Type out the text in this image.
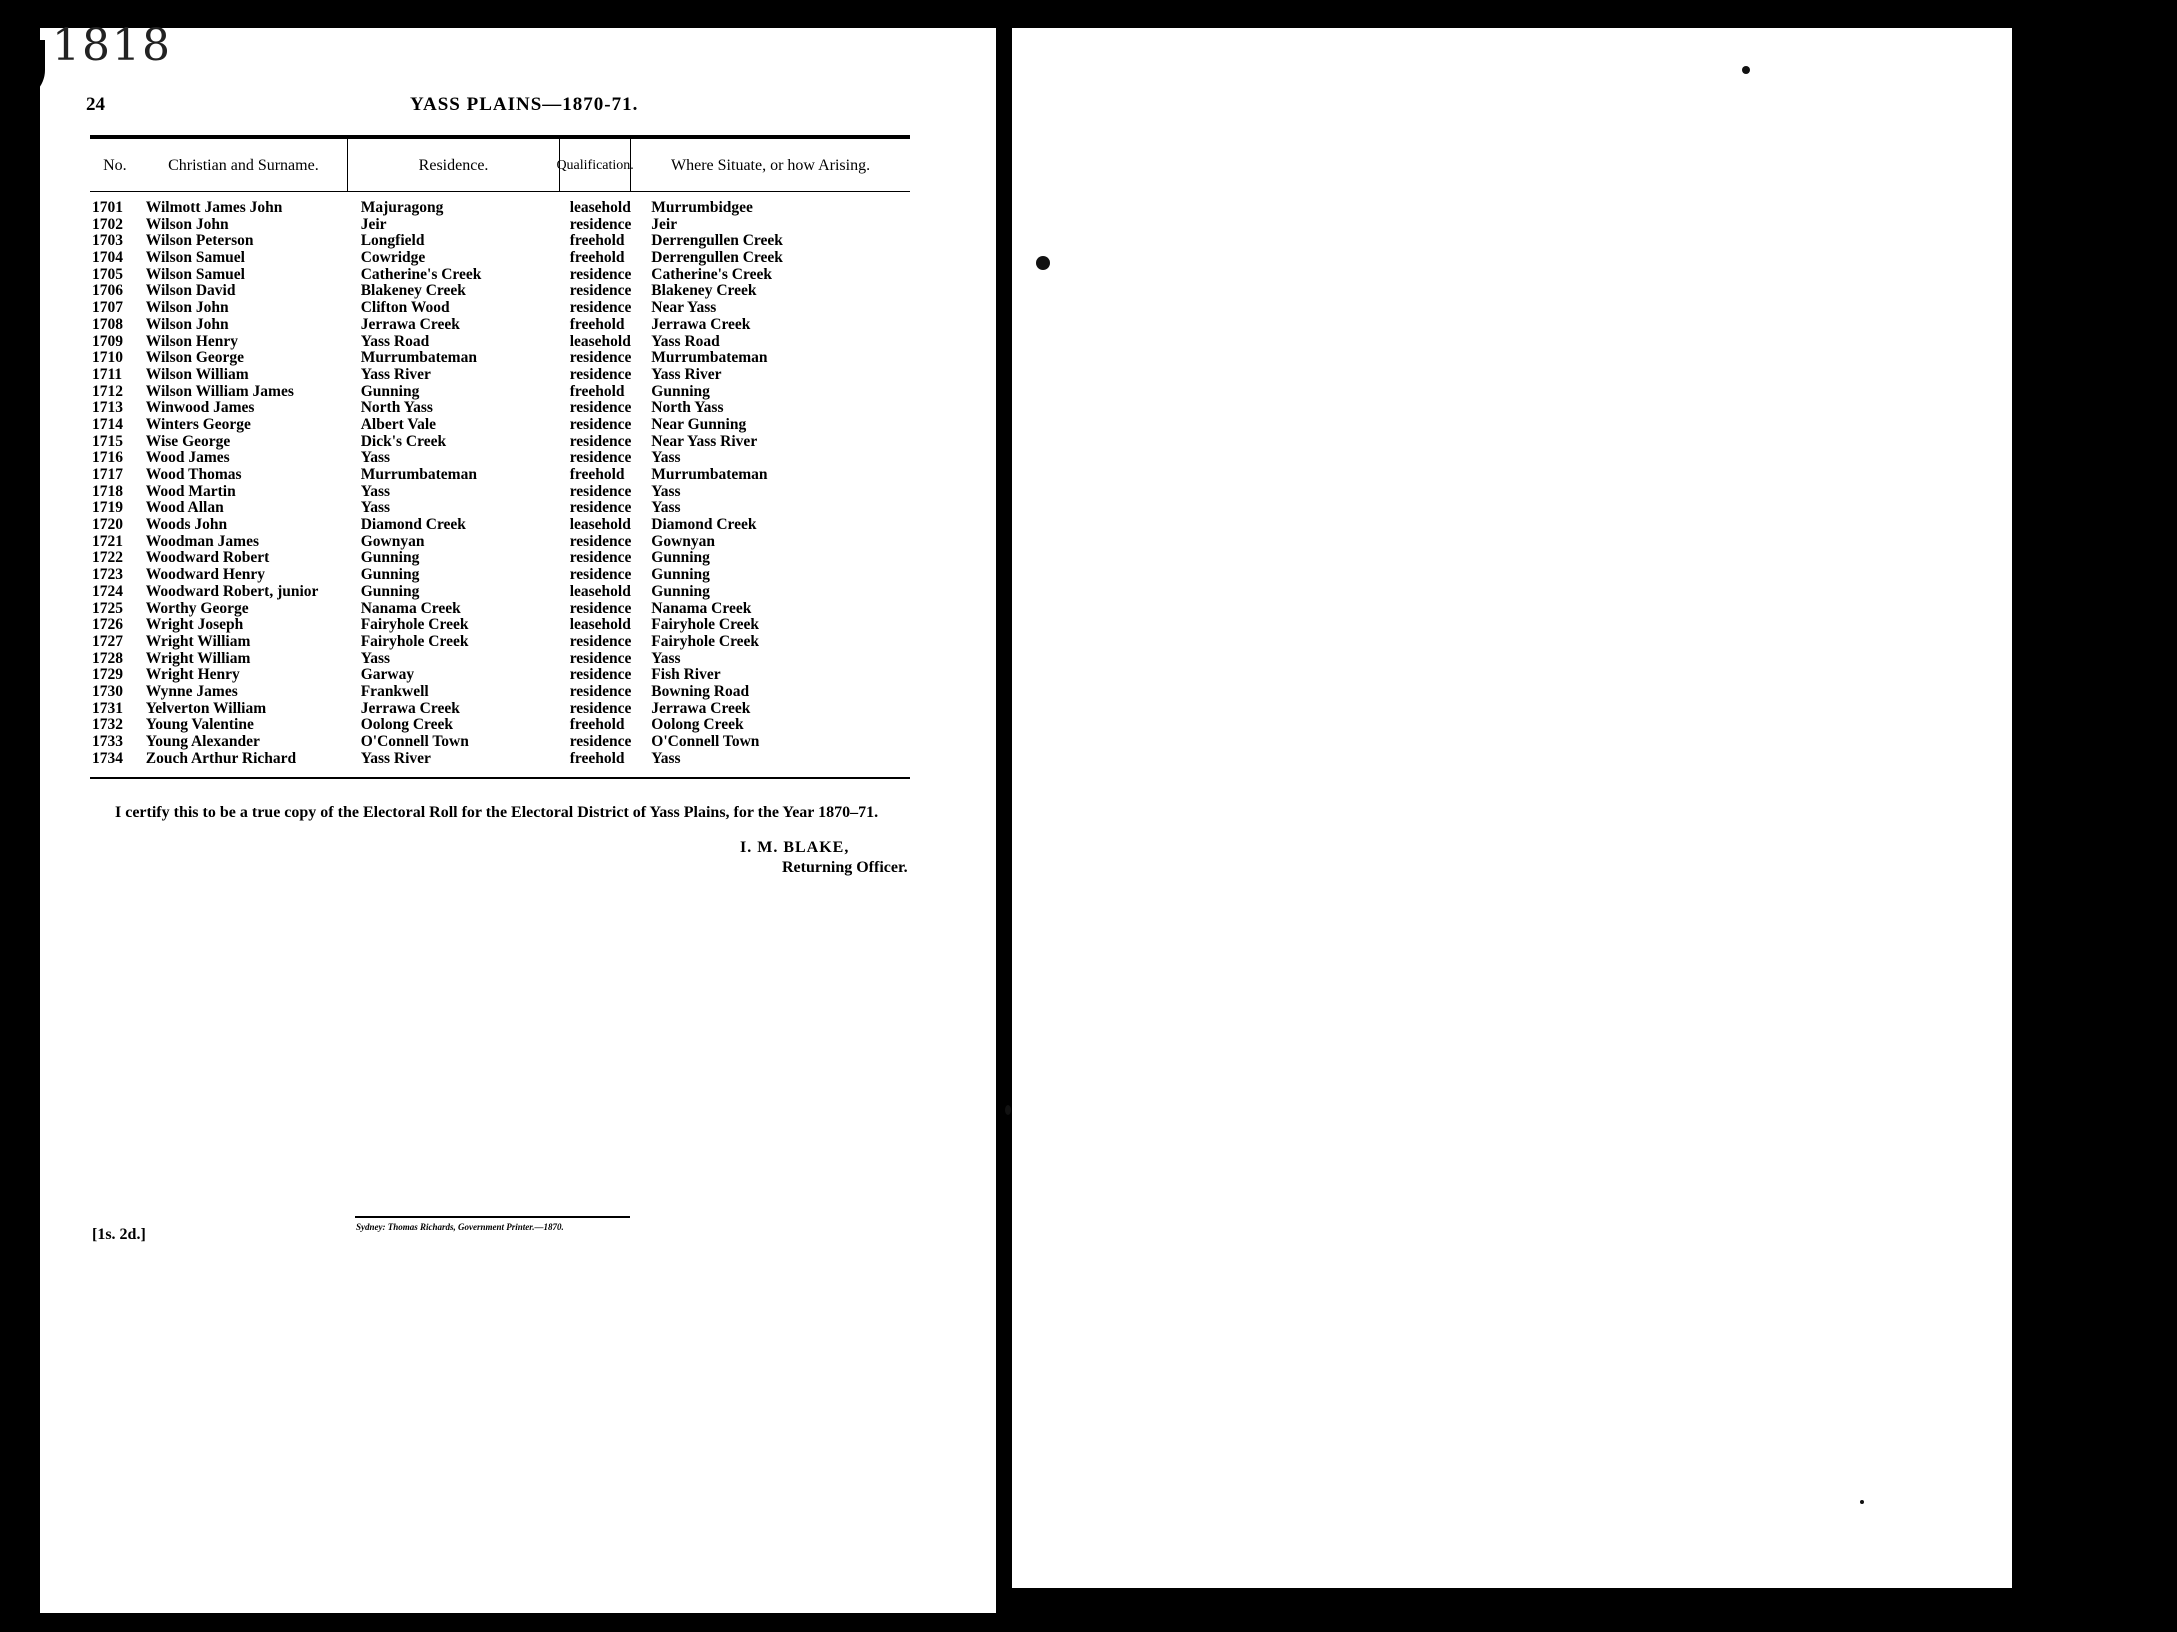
1818
24	YASS PLAINS—1870-71.
No.	Christian and Surname.	Residence.	Qualification.	Where Situate, or how Arising.
1701	Wilmott James John	Majuragong	leasehold	Murrumbidgee
1702	Wilson John	Jeir	residence	Jeir
1703	Wilson Peterson	Longfield	freehold	Derrengullen Creek
1704	Wilson Samuel	Cowridge	freehold	Derrengullen Creek
1705	Wilson Samuel	Catherine's Creek	residence	Catherine's Creek
1706	Wilson David	Blakeney Creek	residence	Blakeney Creek
1707	Wilson John	Clifton Wood	residence	Near Yass
1708	Wilson John	Jerrawa Creek	freehold	Jerrawa Creek
1709	Wilson Henry	Yass Road	leasehold	Yass Road
1710	Wilson George	Murrumbateman	residence	Murrumbateman
1711	Wilson William	Yass River	residence	Yass River
1712	Wilson William James	Gunning	freehold	Gunning
1713	Winwood James	North Yass	residence	North Yass
1714	Winters George	Albert Vale	residence	Near Gunning
1715	Wise George	Dick's Creek	residence	Near Yass River
1716	Wood James	Yass	residence	Yass
1717	Wood Thomas	Murrumbateman	freehold	Murrumbateman
1718	Wood Martin	Yass	residence	Yass
1719	Wood Allan	Yass	residence	Yass
1720	Woods John	Diamond Creek	leasehold	Diamond Creek
1721	Woodman James	Gownyan	residence	Gownyan
1722	Woodward Robert	Gunning	residence	Gunning
1723	Woodward Henry	Gunning	residence	Gunning
1724	Woodward Robert, junior	Gunning	leasehold	Gunning
1725	Worthy George	Nanama Creek	residence	Nanama Creek
1726	Wright Joseph	Fairyhole Creek	leasehold	Fairyhole Creek
1727	Wright William	Fairyhole Creek	residence	Fairyhole Creek
1728	Wright William	Yass	residence	Yass
1729	Wright Henry	Garway	residence	Fish River
1730	Wynne James	Frankwell	residence	Bowning Road
1731	Yelverton William	Jerrawa Creek	residence	Jerrawa Creek
1732	Young Valentine	Oolong Creek	freehold	Oolong Creek
1733	Young Alexander	O'Connell Town	residence	O'Connell Town
1734	Zouch Arthur Richard	Yass River	freehold	Yass
I certify this to be a true copy of the Electoral Roll for the Electoral District of Yass Plains, for the Year 1870–71.
I. M. BLAKE,
Returning Officer.
[1s. 2d.]	Sydney: Thomas Richards, Government Printer.—1870.
